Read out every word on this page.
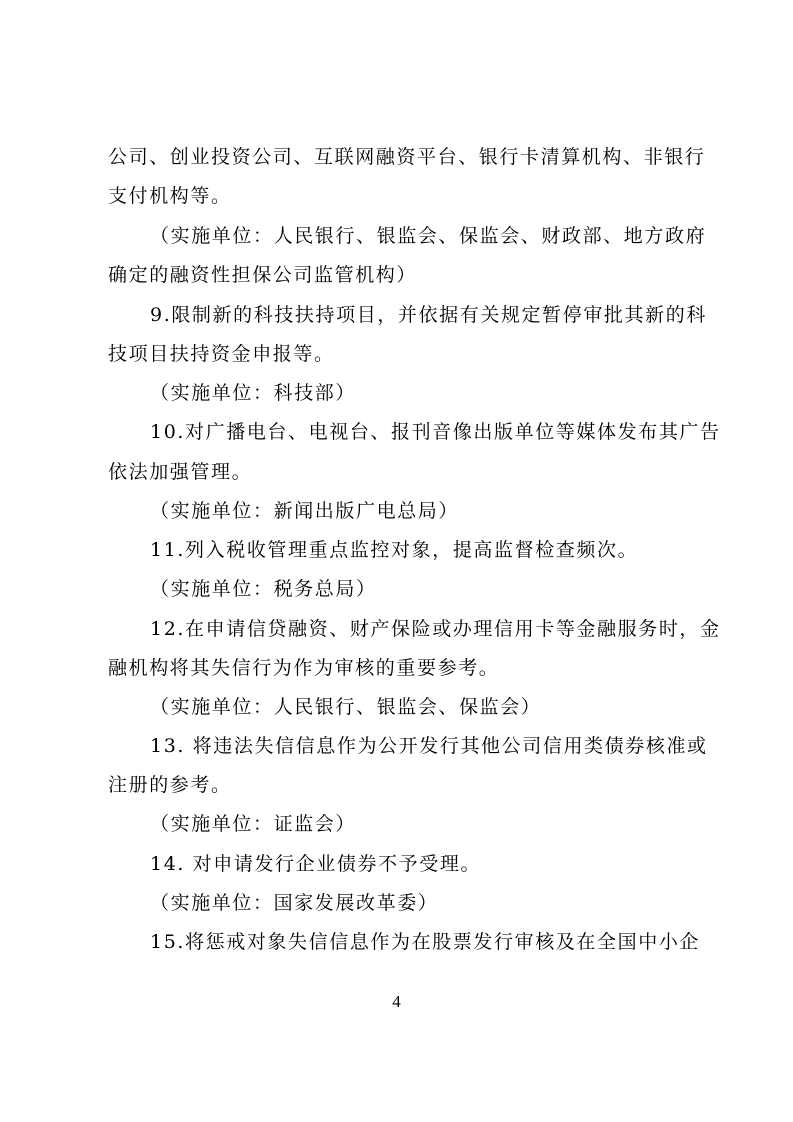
公司、创业投资公司、互联网融资平台、银行卡清算机构、非银行
支付机构等。
（实施单位：人民银行、银监会、保监会、财政部、地方政府
确定的融资性担保公司监管机构）
9.限制新的科技扶持项目，并依据有关规定暂停审批其新的科
技项目扶持资金申报等。
（实施单位：科技部）
10.对广播电台、电视台、报刊音像出版单位等媒体发布其广告
依法加强管理。
（实施单位：新闻出版广电总局）
11.列入税收管理重点监控对象，提高监督检查频次。
（实施单位：税务总局）
12.在申请信贷融资、财产保险或办理信用卡等金融服务时，金
融机构将其失信行为作为审核的重要参考。
（实施单位：人民银行、银监会、保监会）
13. 将违法失信信息作为公开发行其他公司信用类债券核准或
注册的参考。
（实施单位：证监会）
14. 对申请发行企业债券不予受理。
（实施单位：国家发展改革委）
15.将惩戒对象失信信息作为在股票发行审核及在全国中小企
4
